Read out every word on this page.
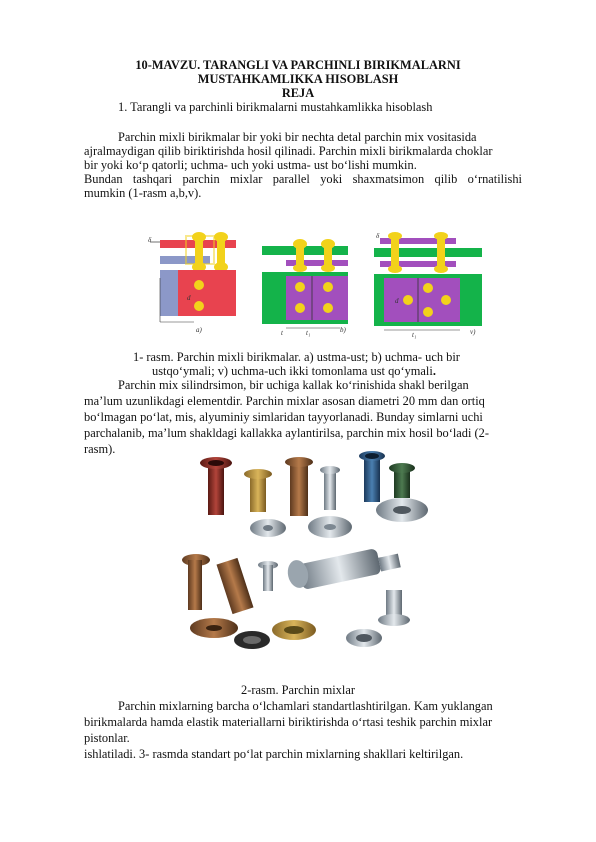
10-MAVZU. TARANGLI VA PARCHINLI BIRIKMALARNI
MUSTAHKAMLIKKA HISOBLASH
REJA
1. Tarangli va parchinli birikmalarni mustahkamlikka hisoblash
Parchin mixli birikmalar bir yoki bir nechta detal parchin mix vositasida
ajralmaydigan qilib biriktirishda hosil qilinadi. Parchin mixli birikmalarda choklar
bir yoki ko‘p qatorli; uchma- uch yoki ustma- ust bo‘lishi mumkin.
Bundan tashqari parchin mixlar parallel yoki shaxmatsimon qilib o‘rnatilishi
mumkin (1-rasm a,b,v).
δ
d
a)	t	t₁	b)
δ
d
t₁	v)
1- rasm. Parchin mixli birikmalar. a) ustma-ust; b) uchma- uch bir
ustqo‘ymali; v) uchma-uch ikki tomonlama ust qo‘ymali.
Parchin mix silindrsimon, bir uchiga kallak ko‘rinishida shakl berilgan
ma’lum uzunlikdagi elementdir. Parchin mixlar asosan diametri 20 mm dan ortiq
bo‘lmagan po‘lat, mis, alyuminiy simlaridan tayyorlanadi. Bunday simlarni uchi
parchalanib, ma’lum shakldagi kallakka aylantirilsa, parchin mix hosil bo‘ladi (2-
rasm).
2-rasm. Parchin mixlar
Parchin mixlarning barcha o‘lchamlari standartlashtirilgan. Kam yuklangan
birikmalarda hamda elastik materiallarni biriktirishda o‘rtasi teshik parchin mixlar
pistonlar.
ishlatiladi. 3- rasmda standart po‘lat parchin mixlarning shakllari keltirilgan.
